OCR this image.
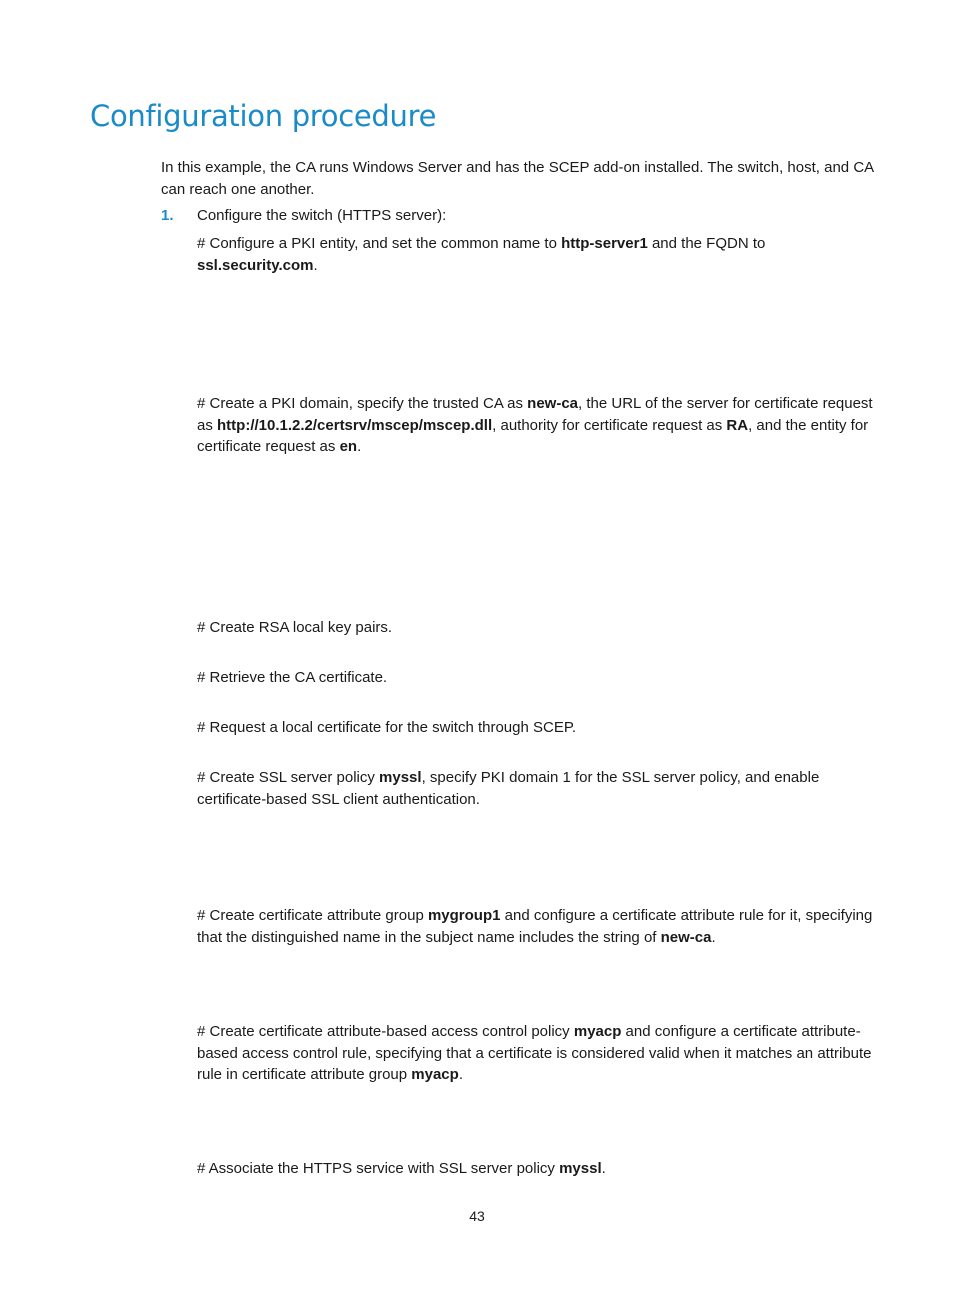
Configuration procedure

In this example, the CA runs Windows Server and has the SCEP add-on installed. The switch, host, and CA can reach one another.

1. Configure the switch (HTTPS server):

# Configure a PKI entity, and set the common name to http-server1 and the FQDN to ssl.security.com.

# Create a PKI domain, specify the trusted CA as new-ca, the URL of the server for certificate request as http://10.1.2.2/certsrv/mscep/mscep.dll, authority for certificate request as RA, and the entity for certificate request as en.

# Create RSA local key pairs.

# Retrieve the CA certificate.

# Request a local certificate for the switch through SCEP.

# Create SSL server policy myssl, specify PKI domain 1 for the SSL server policy, and enable certificate-based SSL client authentication.

# Create certificate attribute group mygroup1 and configure a certificate attribute rule for it, specifying that the distinguished name in the subject name includes the string of new-ca.

# Create certificate attribute-based access control policy myacp and configure a certificate attribute-based access control rule, specifying that a certificate is considered valid when it matches an attribute rule in certificate attribute group myacp.

# Associate the HTTPS service with SSL server policy myssl.

43
